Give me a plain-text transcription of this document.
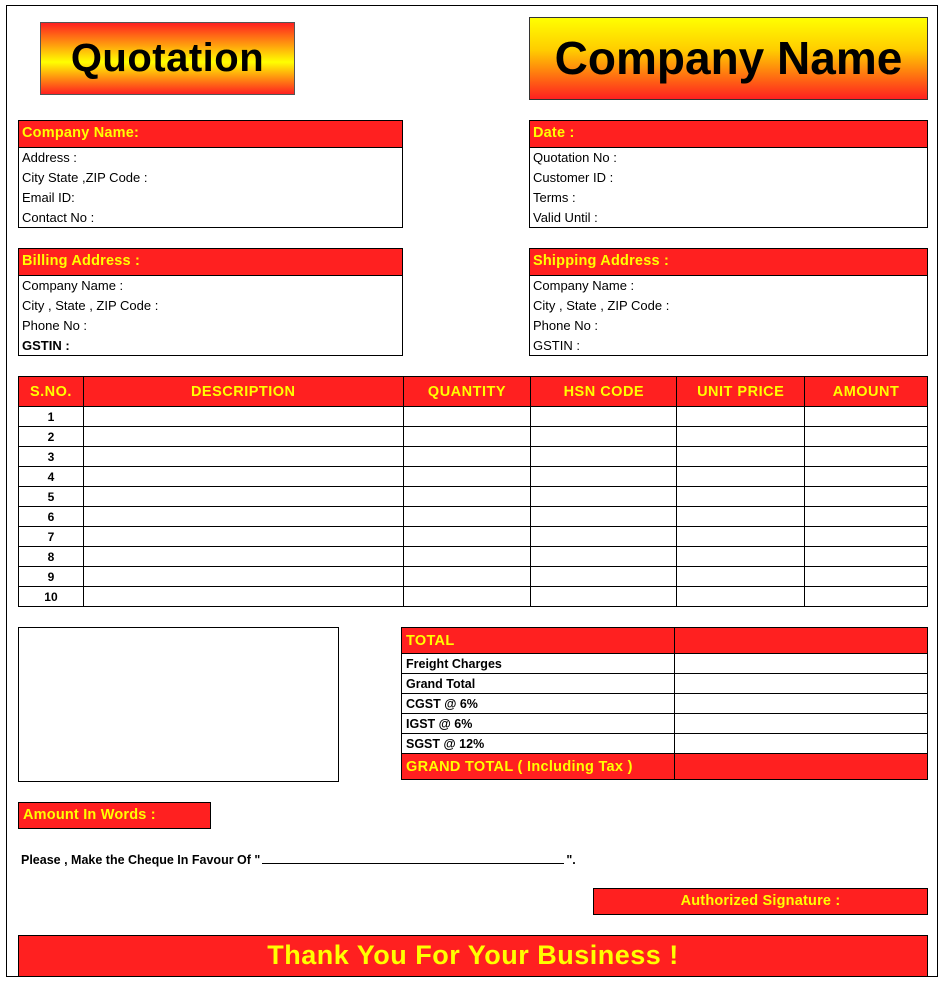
Quotation	Company Name
Company Name:
Address :
City State ,ZIP Code :
Email ID:
Contact No :
Date :
Quotation No :
Customer ID :
Terms :
Valid Until :
Billing Address :
Company Name :
City , State , ZIP Code :
Phone No :
GSTIN :
Shipping Address :
Company Name :
City , State , ZIP Code :
Phone No :
GSTIN :
S.NO.	DESCRIPTION	QUANTITY	HSN CODE	UNIT PRICE	AMOUNT
1					
2					
3					
4					
5					
6					
7					
8					
9					
10					
TOTAL	
Freight Charges	
Grand Total	
CGST @ 6%	
IGST @ 6%	
SGST @ 12%	
GRAND TOTAL ( Including Tax )	
Amount In Words :
Please , Make the Cheque In Favour Of "	".
Authorized Signature :
Thank You For Your Business !
